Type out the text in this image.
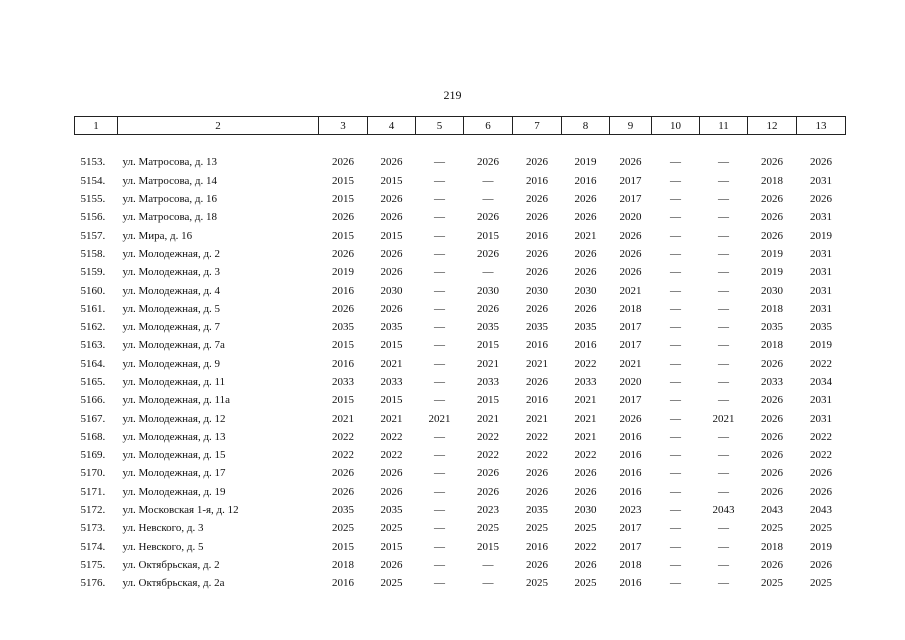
219
1	2	3	4	5	6	7	8	9	10	11	12	13

5153.	ул. Матросова, д. 13	2026	2026	—	2026	2026	2019	2026	—	—	2026	2026
5154.	ул. Матросова, д. 14	2015	2015	—	—	2016	2016	2017	—	—	2018	2031
5155.	ул. Матросова, д. 16	2015	2026	—	—	2026	2026	2017	—	—	2026	2026
5156.	ул. Матросова, д. 18	2026	2026	—	2026	2026	2026	2020	—	—	2026	2031
5157.	ул. Мира, д. 16	2015	2015	—	2015	2016	2021	2026	—	—	2026	2019
5158.	ул. Молодежная, д. 2	2026	2026	—	2026	2026	2026	2026	—	—	2019	2031
5159.	ул. Молодежная, д. 3	2019	2026	—	—	2026	2026	2026	—	—	2019	2031
5160.	ул. Молодежная, д. 4	2016	2030	—	2030	2030	2030	2021	—	—	2030	2031
5161.	ул. Молодежная, д. 5	2026	2026	—	2026	2026	2026	2018	—	—	2018	2031
5162.	ул. Молодежная, д. 7	2035	2035	—	2035	2035	2035	2017	—	—	2035	2035
5163.	ул. Молодежная, д. 7а	2015	2015	—	2015	2016	2016	2017	—	—	2018	2019
5164.	ул. Молодежная, д. 9	2016	2021	—	2021	2021	2022	2021	—	—	2026	2022
5165.	ул. Молодежная, д. 11	2033	2033	—	2033	2026	2033	2020	—	—	2033	2034
5166.	ул. Молодежная, д. 11а	2015	2015	—	2015	2016	2021	2017	—	—	2026	2031
5167.	ул. Молодежная, д. 12	2021	2021	2021	2021	2021	2021	2026	—	2021	2026	2031
5168.	ул. Молодежная, д. 13	2022	2022	—	2022	2022	2021	2016	—	—	2026	2022
5169.	ул. Молодежная, д. 15	2022	2022	—	2022	2022	2022	2016	—	—	2026	2022
5170.	ул. Молодежная, д. 17	2026	2026	—	2026	2026	2026	2016	—	—	2026	2026
5171.	ул. Молодежная, д. 19	2026	2026	—	2026	2026	2026	2016	—	—	2026	2026
5172.	ул. Московская 1-я, д. 12	2035	2035	—	2023	2035	2030	2023	—	2043	2043	2043
5173.	ул. Невского, д. 3	2025	2025	—	2025	2025	2025	2017	—	—	2025	2025
5174.	ул. Невского, д. 5	2015	2015	—	2015	2016	2022	2017	—	—	2018	2019
5175.	ул. Октябрьская, д. 2	2018	2026	—	—	2026	2026	2018	—	—	2026	2026
5176.	ул. Октябрьская, д. 2а	2016	2025	—	—	2025	2025	2016	—	—	2025	2025
